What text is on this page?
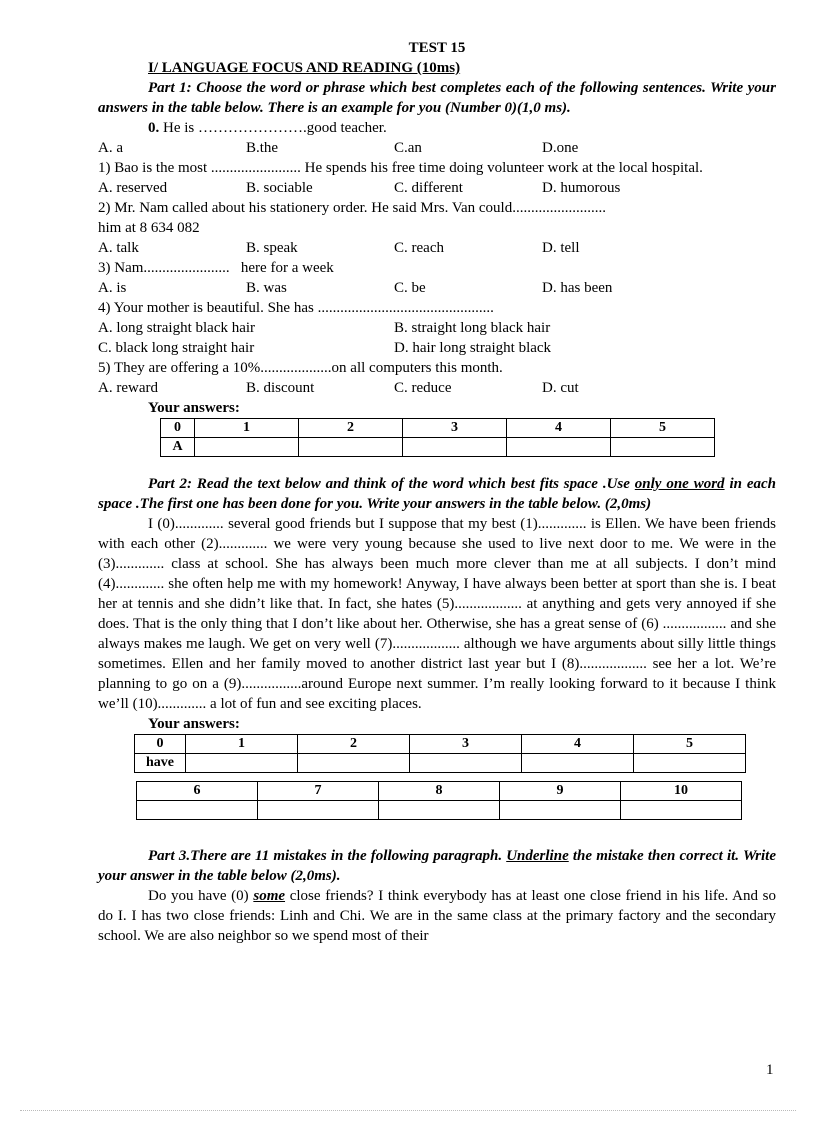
TEST 15
I/ LANGUAGE FOCUS AND READING (10ms)
Part 1: Choose the word or phrase which best completes each of the following sentences. Write your answers in the table below. There is an example for you (Number 0)(1,0 ms).
0. He is ………………….good teacher.
A. a	B.the	C.an	D.one
1) Bao is the most ........................ He spends his free time doing volunteer work at the local hospital.
A. reserved	B. sociable	C. different	D. humorous
2) Mr. Nam called about his stationery order. He said Mrs. Van could.........................
him at 8 634 082
A. talk	B. speak	C. reach	D. tell
3) Nam.......................   here for a week
A. is	B. was	C. be	D. has been
4) Your mother is beautiful. She has ...............................................
A. long straight black hair	B. straight long black hair
C. black long straight hair	D. hair long straight black
5) They are offering a 10%...................on all computers this month.
A. reward	B. discount	C. reduce	D. cut
Your answers:
0	1	2	3	4	5
A					
Part 2: Read the text below and think of the word which best fits space .Use only one word in each space .The first one has been done for you. Write your answers in the table below. (2,0ms)
I (0)............. several good friends but I suppose that my best (1)............. is Ellen. We have been friends with each other (2)............. we were very young because she used to live next door to me. We were in the (3)............. class at school. She has always been much more clever than me at all subjects. I don’t mind (4)............. she often help me with my homework! Anyway, I have always been better at sport than she is. I beat her at tennis and she didn’t like that. In fact, she hates (5).................. at anything and gets very annoyed if she does. That is the only thing that I don’t like about her. Otherwise, she has a great sense of (6) ................. and she always makes me laugh. We get on very well (7).................. although we have arguments about silly little things sometimes. Ellen and her family moved to another district last year but I (8).................. see her a lot. We’re planning to go on a (9)................around Europe next summer. I’m really looking forward to it because I think we’ll (10)............. a lot of fun and see exciting places.
Your answers:
0	1	2	3	4	5
have					
6	7	8	9	10

Part 3.There are 11 mistakes in the following paragraph. Underline the mistake then correct it. Write your answer in the table below (2,0ms).
Do you have (0) some close friends? I think everybody has at least one close friend in his life. And so do I. I has two close friends: Linh and Chi. We are in the same class at the primary factory and the secondary school. We are also neighbor so we spend most of their
1
